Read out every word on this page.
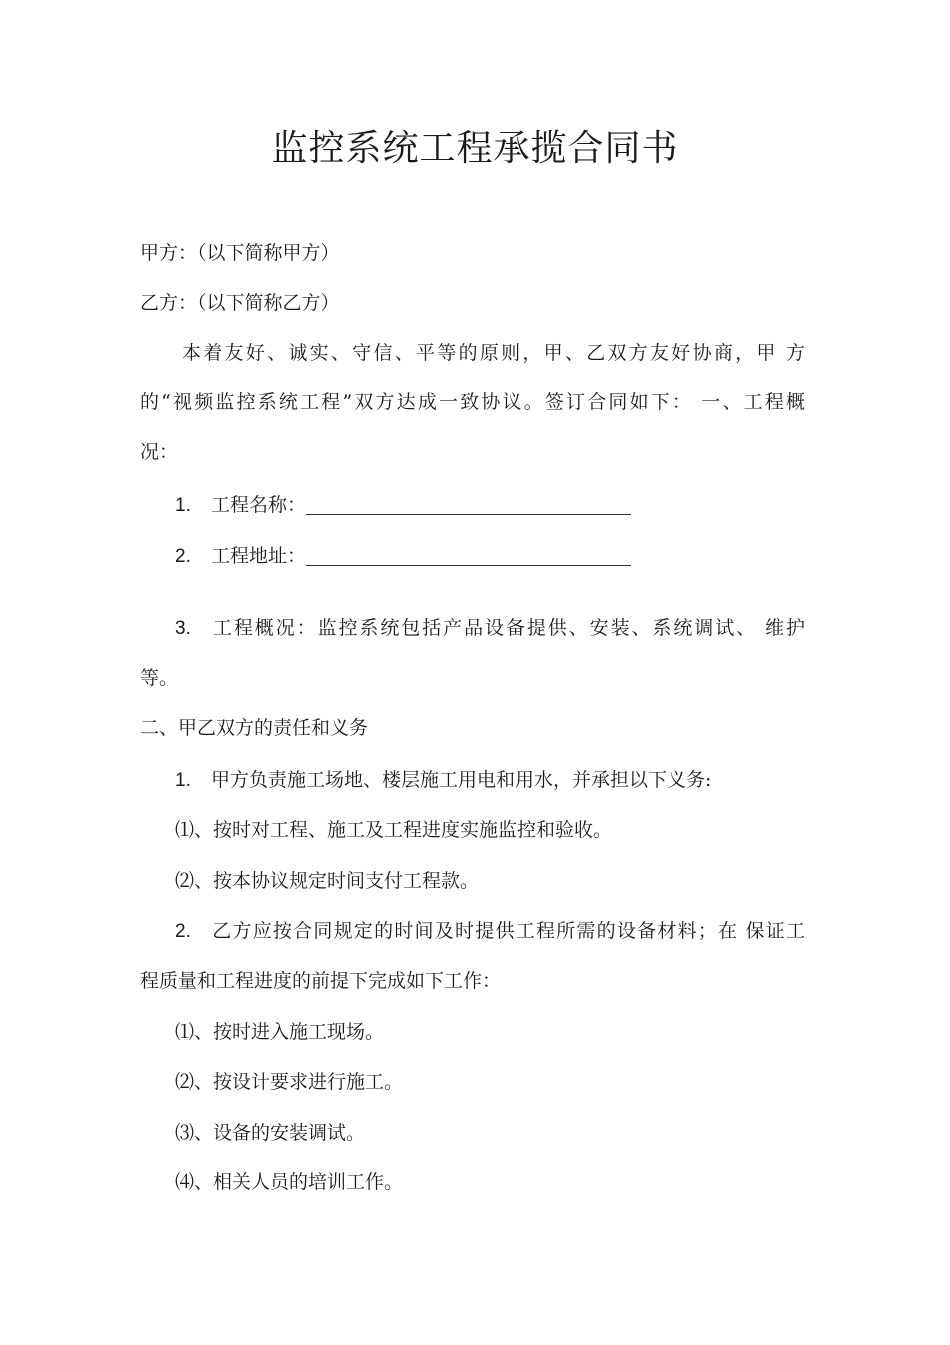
监控系统工程承揽合同书
甲方：（以下简称甲方）
乙方：（以下简称乙方）
本着友好、诚实、守信、平等的原则，甲、乙双方友好协商，甲 方
的“视频监控系统工程”双方达成一致协议。签订合同如下： 一、工程概
况：
1. 工程名称：
2. 工程地址：
3. 工程概况：监控系统包括产品设备提供、安装、系统调试、 维护
等。
二、甲乙双方的责任和义务
1. 甲方负责施工场地、楼层施工用电和用水，并承担以下义务:
⑴、按时对工程、施工及工程进度实施监控和验收。
⑵、按本协议规定时间支付工程款。
2. 乙方应按合同规定的时间及时提供工程所需的设备材料；在 保证工
程质量和工程进度的前提下完成如下工作：
⑴、按时进入施工现场。
⑵、按设计要求进行施工。
⑶、设备的安装调试。
⑷、相关人员的培训工作。
